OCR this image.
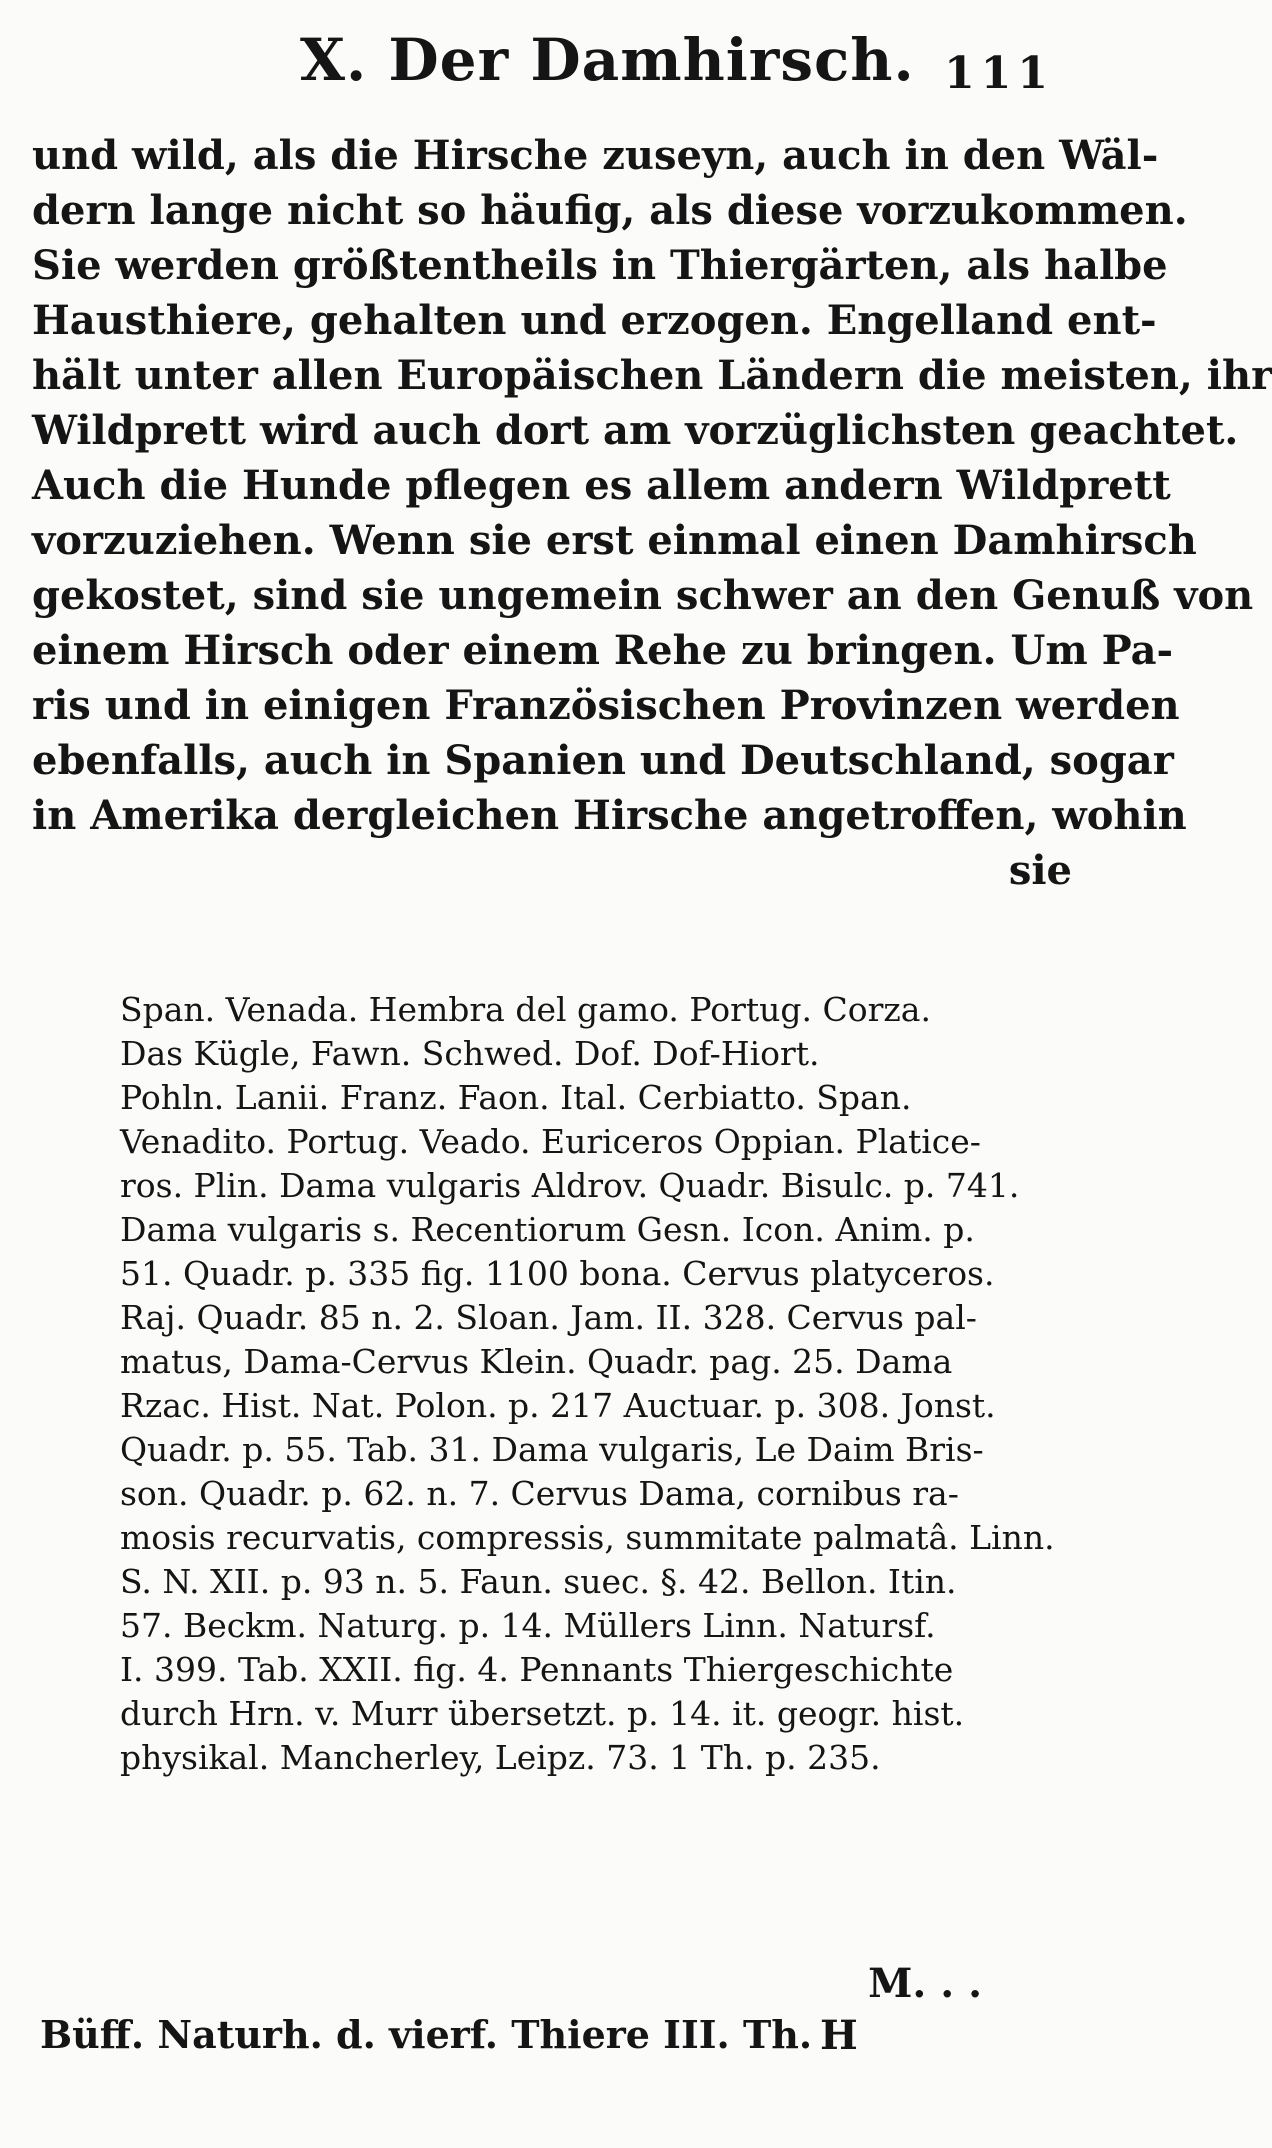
X. Der Damhirsch. 111
und wild, als die Hirsche zuseyn, auch in den Wäl-
dern lange nicht so häufig, als diese vorzukommen.
Sie werden größtentheils in Thiergärten, als halbe
Hausthiere, gehalten und erzogen. Engelland ent-
hält unter allen Europäischen Ländern die meisten, ihr
Wildprett wird auch dort am vorzüglichsten geachtet.
Auch die Hunde pflegen es allem andern Wildprett
vorzuziehen. Wenn sie erst einmal einen Damhirsch
gekostet, sind sie ungemein schwer an den Genuß von
einem Hirsch oder einem Rehe zu bringen. Um Pa-
ris und in einigen Französischen Provinzen werden
ebenfalls, auch in Spanien und Deutschland, sogar
in Amerika dergleichen Hirsche angetroffen, wohin
sie
Span. Venada. Hembra del gamo. Portug. Corza.
Das Kügle, Fawn. Schwed. Dof. Dof-Hiort.
Pohln. Lanii. Franz. Faon. Ital. Cerbiatto. Span.
Venadito. Portug. Veado. Euriceros Oppian. Platice-
ros. Plin. Dama vulgaris Aldrov. Quadr. Bisulc. p. 741.
Dama vulgaris s. Recentiorum Gesn. Icon. Anim. p.
51. Quadr. p. 335 fig. 1100 bona. Cervus platyceros.
Raj. Quadr. 85 n. 2. Sloan. Jam. II. 328. Cervus pal-
matus, Dama-Cervus Klein. Quadr. pag. 25. Dama
Rzac. Hist. Nat. Polon. p. 217 Auctuar. p. 308. Jonst.
Quadr. p. 55. Tab. 31. Dama vulgaris, Le Daim Bris-
son. Quadr. p. 62. n. 7. Cervus Dama, cornibus ra-
mosis recurvatis, compressis, summitate palmatâ. Linn.
S. N. XII. p. 93 n. 5. Faun. suec. §. 42. Bellon. Itin.
57. Beckm. Naturg. p. 14. Müllers Linn. Natursf.
I. 399. Tab. XXII. fig. 4. Pennants Thiergeschichte
durch Hrn. v. Murr übersetzt. p. 14. it. geogr. hist.
physikal. Mancherley, Leipz. 73. 1 Th. p. 235.
M. . .
Büff. Naturh. d. vierf. Thiere III. Th. H
